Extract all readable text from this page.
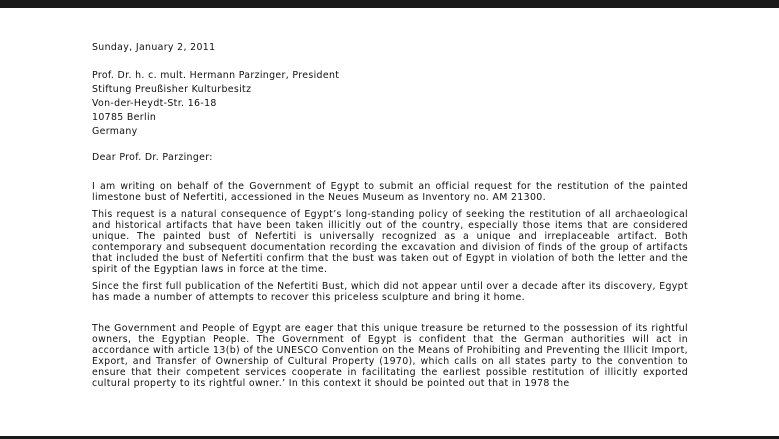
Sunday, January 2, 2011
Prof. Dr. h. c. mult. Hermann Parzinger, President
Stiftung Preußisher Kulturbesitz
Von-der-Heydt-Str. 16-18
10785 Berlin
Germany
Dear Prof. Dr. Parzinger:

I am writing on behalf of the Government of Egypt to submit an official request for the restitution of the painted limestone bust of Nefertiti, accessioned in the Neues Museum as Inventory no. AM 21300.

This request is a natural consequence of Egypt’s long-standing policy of seeking the restitution of all archaeological and historical artifacts that have been taken illicitly out of the country, especially those items that are considered unique. The painted bust of Nefertiti is universally recognized as a unique and irreplaceable artifact. Both contemporary and subsequent documentation recording the excavation and division of finds of the group of artifacts that included the bust of Nefertiti confirm that the bust was taken out of Egypt in violation of both the letter and the spirit of the Egyptian laws in force at the time.

Since the first full publication of the Nefertiti Bust, which did not appear until over a decade after its discovery, Egypt has made a number of attempts to recover this priceless sculpture and bring it home.

The Government and People of Egypt are eager that this unique treasure be returned to the possession of its rightful owners, the Egyptian People. The Government of Egypt is confident that the German authorities will act in accordance with article 13(b) of the UNESCO Convention on the Means of Prohibiting and Preventing the Illicit Import, Export, and Transfer of Ownership of Cultural Property (1970), which calls on all states party to the convention to ensure that their competent services cooperate in facilitating the earliest possible restitution of illicitly exported cultural property to its rightful owner.’ In this context it should be pointed out that in 1978 the
